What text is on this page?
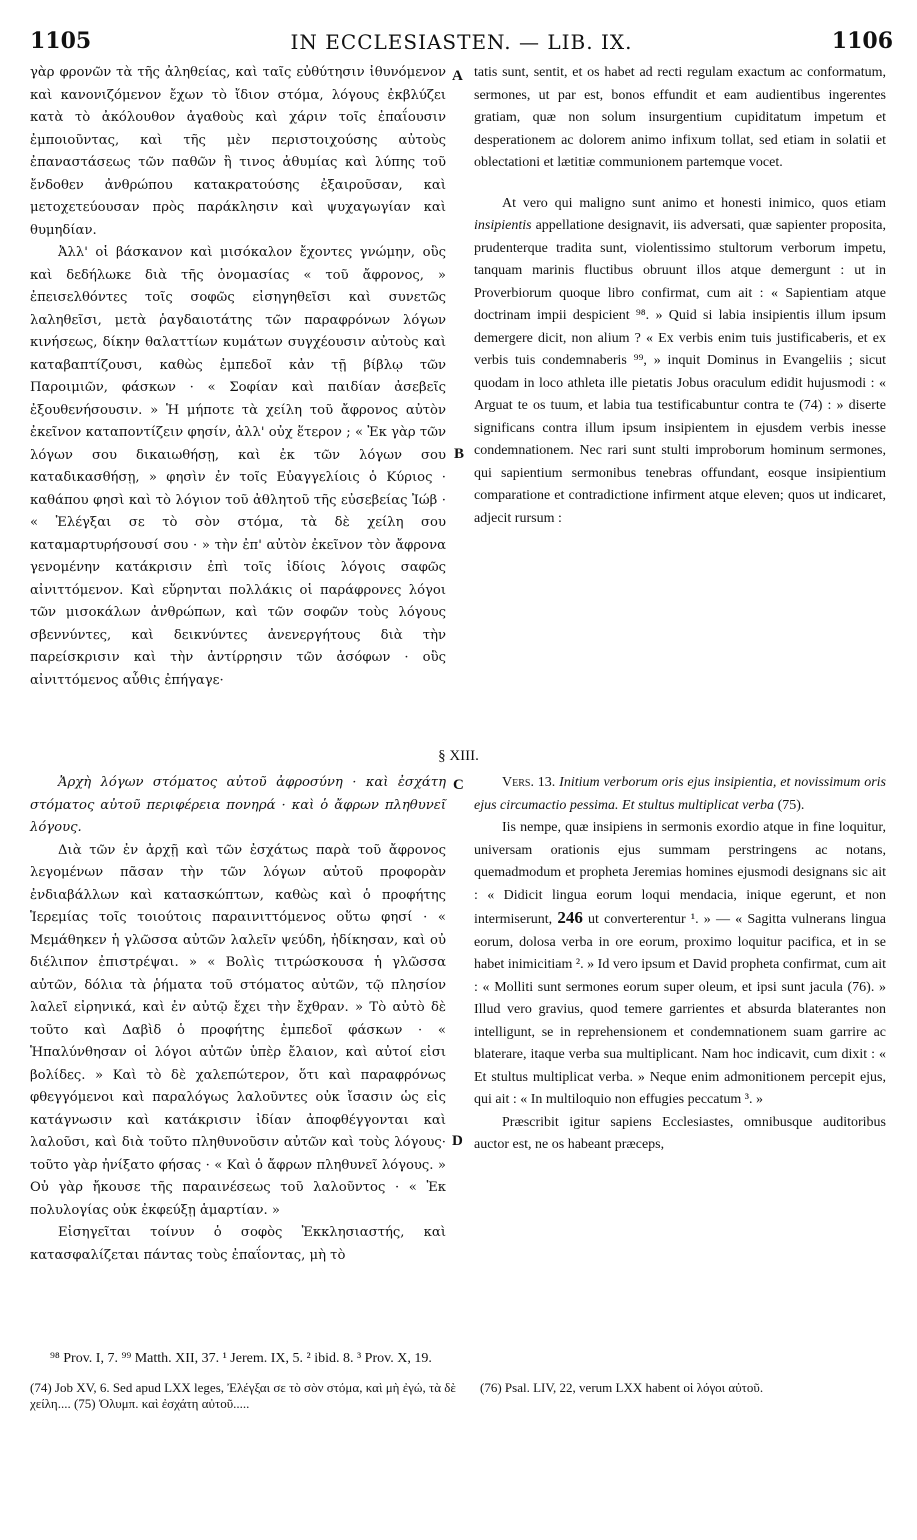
1105	IN ECCLESIASTEN. — LIB. IX.	1106
A
B
C
D

γὰρ φρονῶν τὰ τῆς ἀληθείας, καὶ ταῖς εὐθύτησιν ἰθυνόμενον καὶ κανονιζόμενον ἔχων τὸ ἴδιον στόμα, λόγους ἐκβλύζει κατὰ τὸ ἀκόλουθον ἀγαθοὺς καὶ χάριν τοῖς ἐπαΐουσιν ἐμποιοῦντας, καὶ τῆς μὲν περιστοιχούσης αὐτοὺς ἐπαναστάσεως τῶν παθῶν ἢ τινος ἀθυμίας καὶ λύπης τοῦ ἔνδοθεν ἀνθρώπου κατακρατούσης ἐξαιροῦσαν, καὶ μετοχετεύουσαν πρὸς παράκλησιν καὶ ψυχαγωγίαν καὶ θυμηδίαν.

Ἀλλ' οἱ βάσκανον καὶ μισόκαλον ἔχοντες γνώμην, οὓς καὶ δεδήλωκε διὰ τῆς ὀνομασίας « τοῦ ἄφρονος, » ἐπεισελθόντες τοῖς σοφῶς εἰσηγηθεῖσι καὶ συνετῶς λαληθεῖσι, μετὰ ῥαγδαιοτάτης τῶν παραφρόνων λόγων κινήσεως, δίκην θαλαττίων κυμάτων συγχέουσιν αὐτοὺς καὶ καταβαπτίζουσι, καθὼς ἐμπεδοῖ κἀν τῇ βίβλῳ τῶν Παροιμιῶν, φάσκων · « Σοφίαν καὶ παιδίαν ἀσεβεῖς ἐξουθενήσουσιν. » Ἡ μήποτε τὰ χείλη τοῦ ἄφρονος αὐτὸν ἐκεῖνον καταποντίζειν φησίν, ἀλλ' οὐχ ἕτερον ; « Ἐκ γὰρ τῶν λόγων σου δικαιωθήσῃ, καὶ ἐκ τῶν λόγων σου καταδικασθήσῃ, » φησὶν ἐν τοῖς Εὐαγγελίοις ὁ Κύριος · καθάπου φησὶ καὶ τὸ λόγιον τοῦ ἀθλητοῦ τῆς εὐσεβείας Ἰώβ · « Ἐλέγξαι σε τὸ σὸν στόμα, τὰ δὲ χείλη σου καταμαρτυρήσουσί σου · » τὴν ἐπ' αὐτὸν ἐκεῖνον τὸν ἄφρονα γενομένην κατάκρισιν ἐπὶ τοῖς ἰδίοις λόγοις σαφῶς αἰνιττόμενον. Καὶ εὕρηνται πολλάκις οἱ παράφρονες λόγοι τῶν μισοκάλων ἀνθρώπων, καὶ τῶν σοφῶν τοὺς λόγους σβεννύντες, καὶ δεικνύντες ἀνενεργήτους διὰ τὴν παρείσκρισιν καὶ τὴν ἀντίρρησιν τῶν ἀσόφων · οὓς αἰνιττόμενος αὖθις ἐπήγαγε·

tatis sunt, sentit, et os habet ad recti regulam exactum ac conformatum, sermones, ut par est, bonos effundit et eam audientibus ingerentes gratiam, quæ non solum insurgentium cupiditatum impetum et desperationem ac dolorem animo infixum tollat, sed etiam in solatii et oblectationi et lætitiæ communionem partemque vocet.

At vero qui maligno sunt animo et honesti inimico, quos etiam insipientis appellatione designavit, iis adversati, quæ sapienter proposita, prudenterque tradita sunt, violentissimo stultorum verborum impetu, tanquam marinis fluctibus obruunt illos atque demergunt : ut in Proverbiorum quoque libro confirmat, cum ait : « Sapientiam atque doctrinam impii despicient ⁹⁸. » Quid si labia insipientis illum ipsum demergere dicit, non alium ? « Ex verbis enim tuis justificaberis, et ex verbis tuis condemnaberis ⁹⁹, » inquit Dominus in Evangeliis ; sicut quodam in loco athleta ille pietatis Jobus oraculum edidit hujusmodi : « Arguat te os tuum, et labia tua testificabuntur contra te (74) : » diserte significans contra illum ipsum insipientem in ejusdem verbis inesse condemnationem. Nec rari sunt stulti improborum hominum sermones, qui sapientium sermonibus tenebras offundant, eosque insipientium comparatione et contradictione infirment atque eleven; quos ut indicaret, adjecit rursum :

§ XIII.

Ἀρχὴ λόγων στόματος αὐτοῦ ἀφροσύνη · καὶ ἐσχάτη στόματος αὐτοῦ περιφέρεια πονηρά · καὶ ὁ ἄφρων πληθυνεῖ λόγους.

Διὰ τῶν ἐν ἀρχῇ καὶ τῶν ἐσχάτως παρὰ τοῦ ἄφρονος λεγομένων πᾶσαν τὴν τῶν λόγων αὐτοῦ προφορὰν ἐνδιαβάλλων καὶ κατασκώπτων, καθὼς καὶ ὁ προφήτης Ἱερεμίας τοῖς τοιούτοις παραινιττόμενος οὕτω φησί · « Μεμάθηκεν ἡ γλῶσσα αὐτῶν λαλεῖν ψεύδη, ἠδίκησαν, καὶ οὐ διέλιπον ἐπιστρέψαι. » « Βολὶς τιτρώσκουσα ἡ γλῶσσα αὐτῶν, δόλια τὰ ῥήματα τοῦ στόματος αὐτῶν, τῷ πλησίον λαλεῖ εἰρηνικά, καὶ ἐν αὐτῷ ἔχει τὴν ἔχθραν. » Τὸ αὐτὸ δὲ τοῦτο καὶ Δαβὶδ ὁ προφήτης ἐμπεδοῖ φάσκων · « Ἡπαλύνθησαν οἱ λόγοι αὐτῶν ὑπὲρ ἔλαιον, καὶ αὐτοί εἰσι βολίδες. » Καὶ τὸ δὲ χαλεπώτερον, ὅτι καὶ παραφρόνως φθεγγόμενοι καὶ παραλόγως λαλοῦντες οὐκ ἴσασιν ὡς εἰς κατάγνωσιν καὶ κατάκρισιν ἰδίαν ἀποφθέγγονται καὶ λαλοῦσι, καὶ διὰ τοῦτο πληθυνοῦσιν αὐτῶν καὶ τοὺς λόγους· τοῦτο γὰρ ἠνίξατο φήσας · « Καὶ ὁ ἄφρων πληθυνεῖ λόγους. » Οὐ γὰρ ἤκουσε τῆς παραινέσεως τοῦ λαλοῦντος · « Ἐκ πολυλογίας οὐκ ἐκφεύξῃ ἁμαρτίαν. »

Εἰσηγεῖται τοίνυν ὁ σοφὸς Ἐκκλησιαστής, καὶ κατασφαλίζεται πάντας τοὺς ἐπαΐοντας, μὴ τὸ

Vers. 13. Initium verborum oris ejus insipientia, et novissimum oris ejus circumactio pessima. Et stultus multiplicat verba (75).

Iis nempe, quæ insipiens in sermonis exordio atque in fine loquitur, universam orationis ejus summam perstringens ac notans, quemadmodum et propheta Jeremias homines ejusmodi designans sic ait : « Didicit lingua eorum loqui mendacia, inique egerunt, et non intermiserunt, 246 ut converterentur ¹. » — « Sagitta vulnerans lingua eorum, dolosa verba in ore eorum, proximo loquitur pacifica, et in se habet inimicitiam ². » Id vero ipsum et David propheta confirmat, cum ait : « Molliti sunt sermones eorum super oleum, et ipsi sunt jacula (76). » Illud vero gravius, quod temere garrientes et absurda blaterantes non intelligunt, se in reprehensionem et condemnationem suam garrire ac blaterare, itaque verba sua multiplicant. Nam hoc indicavit, cum dixit : « Et stultus multiplicat verba. » Neque enim admonitionem percepit ejus, qui ait : « In multiloquio non effugies peccatum ³. »

Præscribit igitur sapiens Ecclesiastes, omnibusque auditoribus auctor est, ne os habeant præceps,

⁹⁸ Prov. I, 7. ⁹⁹ Matth. XII, 37. ¹ Jerem. IX, 5. ² ibid. 8. ³ Prov. X, 19.
(74) Job XV, 6. Sed apud LXX leges, Ἐλέγξαι σε τὸ σὸν στόμα, καὶ μὴ ἐγώ, τὰ δὲ χείλη.... (75) Ὀλυμπ. καὶ ἐσχάτη αὐτοῦ.....
(76) Psal. LIV, 22, verum LXX habent οἱ λόγοι αὐτοῦ.
